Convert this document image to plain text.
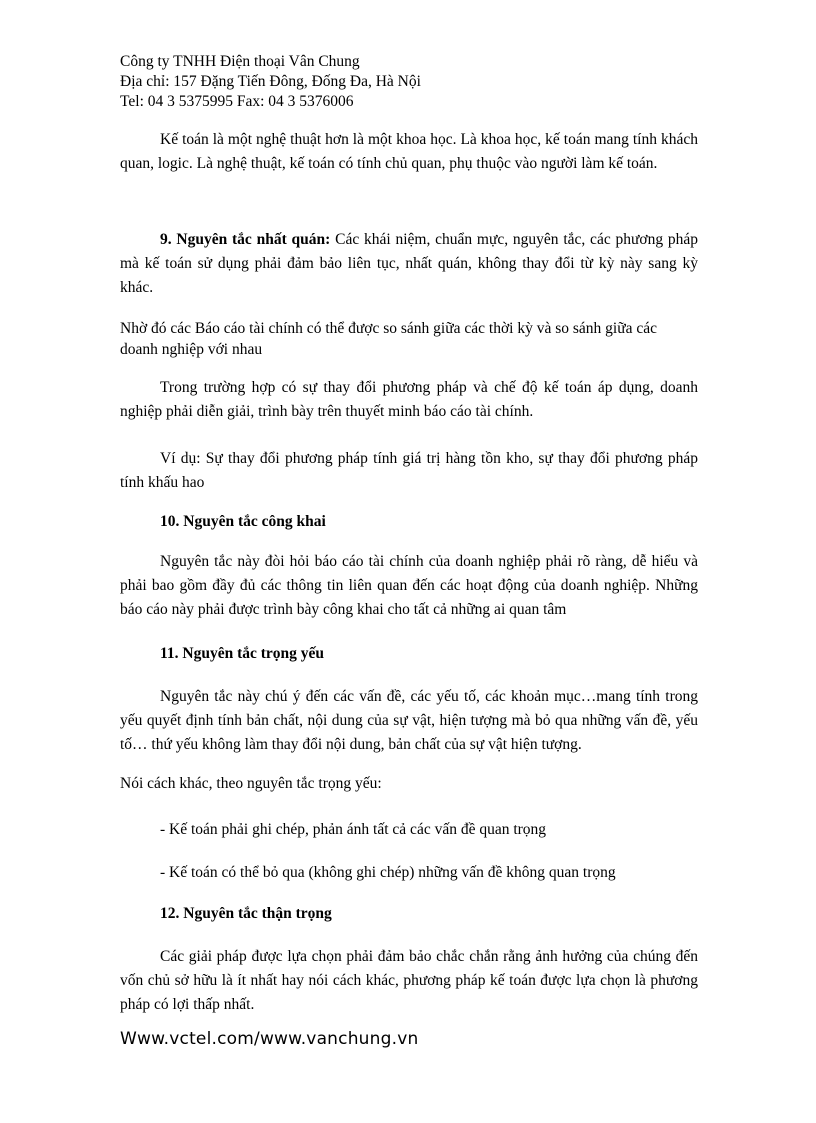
Công ty TNHH Điện thoại Vân Chung
Địa chỉ: 157 Đặng Tiến Đông, Đống Đa, Hà Nội
Tel: 04 3 5375995 Fax: 04 3 5376006
Kế toán là một nghệ thuật hơn là một khoa học. Là khoa học, kế toán mang tính khách quan, logic. Là nghệ thuật, kế toán có tính chủ quan, phụ thuộc vào người làm kế toán.
9. Nguyên tắc nhất quán: Các khái niệm, chuẩn mực, nguyên tắc, các phương pháp mà kế toán sử dụng phải đảm bảo liên tục, nhất quán, không thay đổi từ kỳ này sang kỳ khác.
Nhờ đó các Báo cáo tài chính có thể được so sánh giữa các thời kỳ và so sánh giữa các doanh nghiệp với nhau
Trong trường hợp có sự thay đổi phương pháp và chế độ kế toán áp dụng, doanh nghiệp phải diễn giải, trình bày trên thuyết minh báo cáo tài chính.
Ví dụ: Sự thay đổi phương pháp tính giá trị hàng tồn kho, sự thay đổi phương pháp tính khấu hao
10. Nguyên tắc công khai
Nguyên tắc này đòi hỏi báo cáo tài chính của doanh nghiệp phải rõ ràng, dễ hiểu và phải bao gồm đầy đủ các thông tin liên quan đến các hoạt động của doanh nghiệp. Những báo cáo này phải được trình bày công khai cho tất cả những ai quan tâm
11. Nguyên tắc trọng yếu
Nguyên tắc này chú ý đến các vấn đề, các yếu tố, các khoản mục…mang tính trong yếu quyết định tính bản chất, nội dung của sự vật, hiện tượng mà bỏ qua những vấn đề, yếu tố… thứ yếu không làm thay đổi nội dung, bản chất của sự vật hiện tượng.
Nói cách khác, theo nguyên tắc trọng yếu:
- Kế toán phải ghi chép, phản ánh tất cả các vấn đề quan trọng
- Kế toán có thể bỏ qua (không ghi chép) những vấn đề không quan trọng
12. Nguyên tắc thận trọng
Các giải pháp được lựa chọn phải đảm bảo chắc chắn rằng ảnh hưởng của chúng đến vốn chủ sở hữu là ít nhất hay nói cách khác, phương pháp kế toán được lựa chọn là phương pháp có lợi thấp nhất.
Www.vctel.com/www.vanchung.vn
